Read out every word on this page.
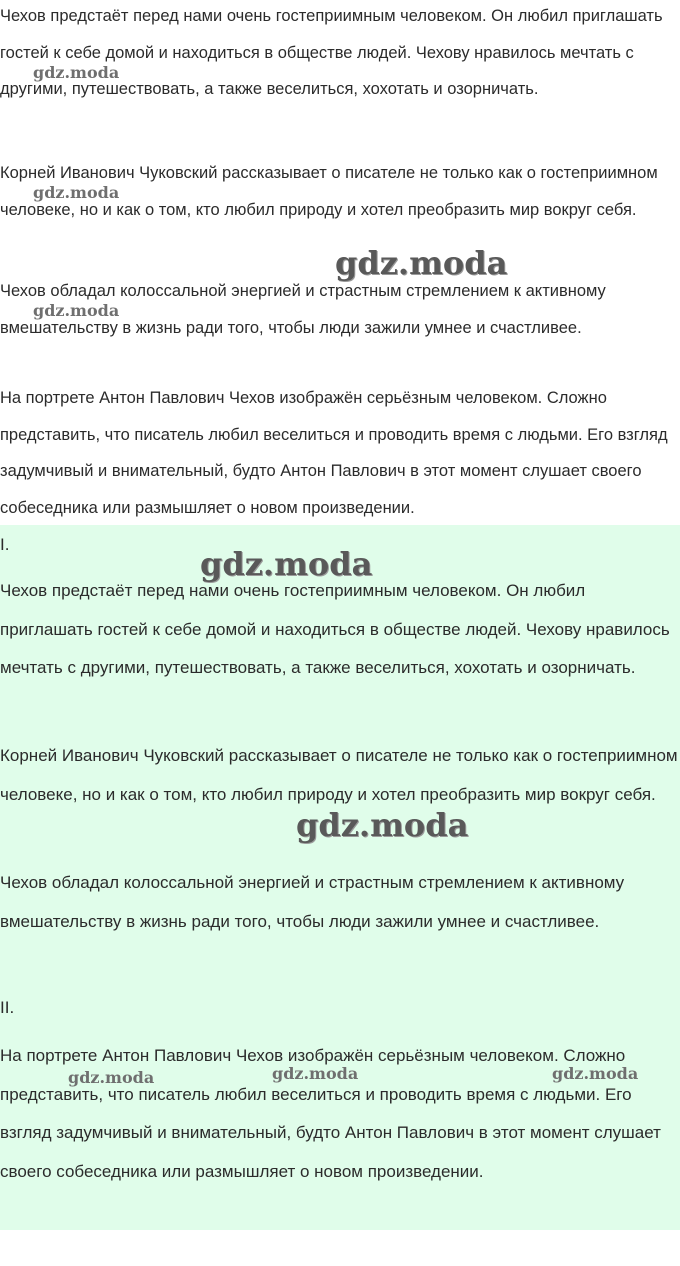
Чехов предстаёт перед нами очень гостеприимным человеком. Он любил приглашать гостей к себе домой и находиться в обществе людей. Чехову нравилось мечтать с другими, путешествовать, а также веселиться, хохотать и озорничать.

Корней Иванович Чуковский рассказывает о писателе не только как о гостеприимном человеке, но и как о том, кто любил природу и хотел преобразить мир вокруг себя.

Чехов обладал колоссальной энергией и страстным стремлением к активному вмешательству в жизнь ради того, чтобы люди зажили умнее и счастливее.

На портрете Антон Павлович Чехов изображён серьёзным человеком. Сложно представить, что писатель любил веселиться и проводить время с людьми. Его взгляд задумчивый и внимательный, будто Антон Павлович в этот момент слушает своего собеседника или размышляет о новом произведении.

I.

Чехов предстаёт перед нами очень гостеприимным человеком. Он любил приглашать гостей к себе домой и находиться в обществе людей. Чехову нравилось мечтать с другими, путешествовать, а также веселиться, хохотать и озорничать.

Корней Иванович Чуковский рассказывает о писателе не только как о гостеприимном человеке, но и как о том, кто любил природу и хотел преобразить мир вокруг себя.

Чехов обладал колоссальной энергией и страстным стремлением к активному вмешательству в жизнь ради того, чтобы люди зажили умнее и счастливее.

II.

На портрете Антон Павлович Чехов изображён серьёзным человеком. Сложно представить, что писатель любил веселиться и проводить время с людьми. Его взгляд задумчивый и внимательный, будто Антон Павлович в этот момент слушает своего собеседника или размышляет о новом произведении.

gdz.moda
gdz.moda
gdz.moda
gdz.moda
gdz.moda
gdz.moda
gdz.moda	gdz.moda	gdz.moda
